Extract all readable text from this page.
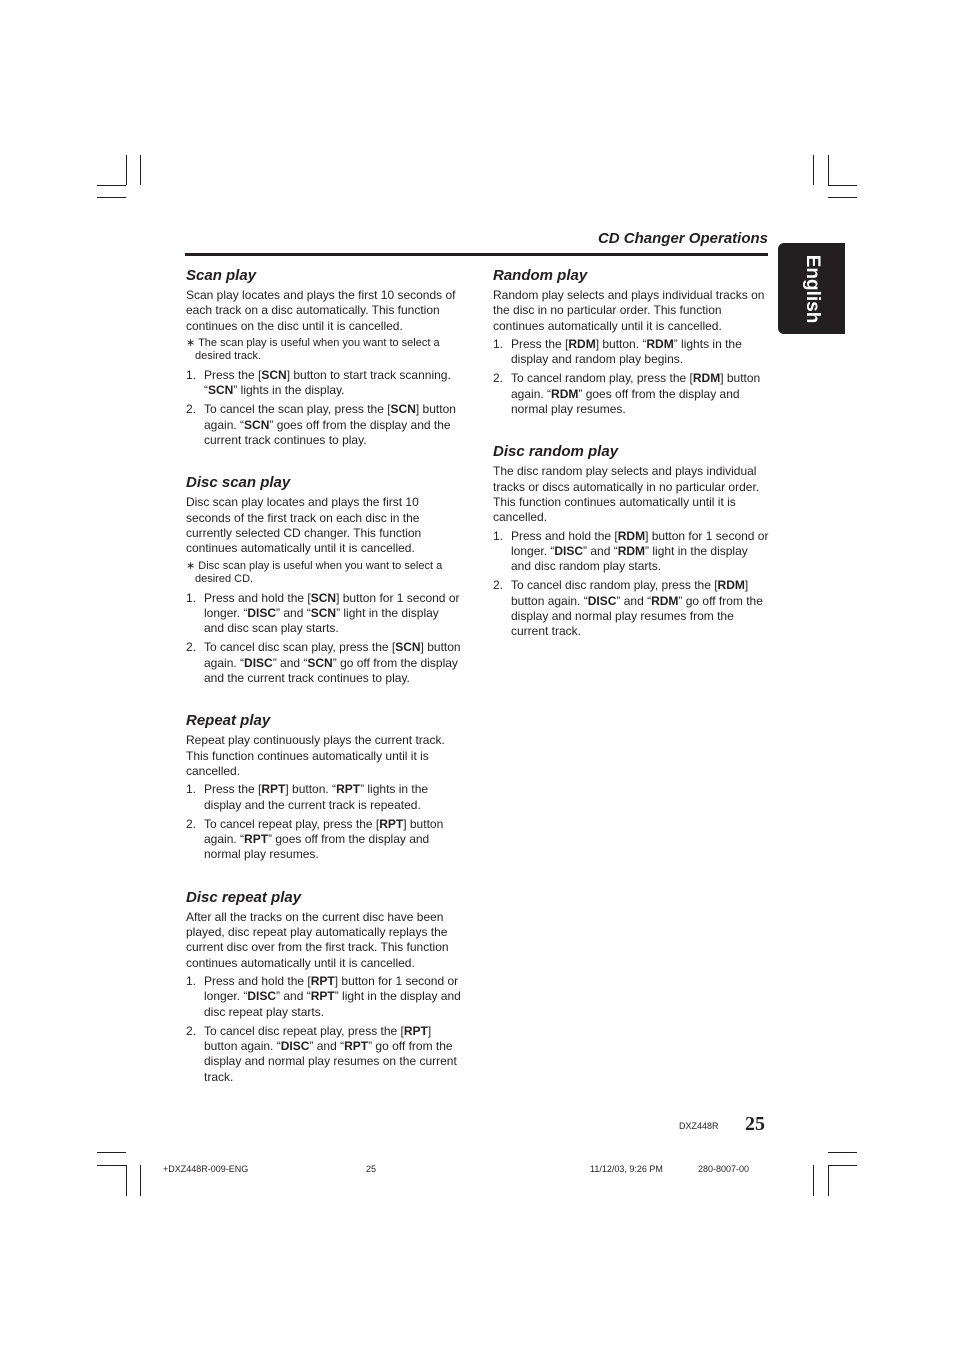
CD Changer Operations
English
Scan play

Scan play locates and plays the first 10 seconds of each track on a disc automatically. This function continues on the disc until it is cancelled.

∗ The scan play is useful when you want to select a desired track.
1. Press the [SCN] button to start track scanning. “SCN” lights in the display.
2. To cancel the scan play, press the [SCN] button again. “SCN” goes off from the display and the current track continues to play.
Disc scan play

Disc scan play locates and plays the first 10 seconds of the first track on each disc in the currently selected CD changer. This function continues automatically until it is cancelled.

∗ Disc scan play is useful when you want to select a desired CD.
1. Press and hold the [SCN] button for 1 second or longer. “DISC” and “SCN” light in the display and disc scan play starts.
2. To cancel disc scan play, press the [SCN] button again. “DISC” and “SCN” go off from the display and the current track continues to play.
Repeat play

Repeat play continuously plays the current track. This function continues automatically until it is cancelled.

1. Press the [RPT] button. “RPT” lights in the display and the current track is repeated.
2. To cancel repeat play, press the [RPT] button again. “RPT” goes off from the display and normal play resumes.
Disc repeat play

After all the tracks on the current disc have been played, disc repeat play automatically replays the current disc over from the first track. This function continues automatically until it is cancelled.

1. Press and hold the [RPT] button for 1 second or longer. “DISC” and “RPT” light in the display and disc repeat play starts.
2. To cancel disc repeat play, press the [RPT] button again. “DISC” and “RPT” go off from the display and normal play resumes on the current track.
Random play

Random play selects and plays individual tracks on the disc in no particular order. This function continues automatically until it is cancelled.

1. Press the [RDM] button. “RDM” lights in the display and random play begins.
2. To cancel random play, press the [RDM] button again. “RDM” goes off from the display and normal play resumes.
Disc random play

The disc random play selects and plays individual tracks or discs automatically in no particular order. This function continues automatically until it is cancelled.

1. Press and hold the [RDM] button for 1 second or longer. “DISC” and “RDM” light in the display and disc random play starts.
2. To cancel disc random play, press the [RDM] button again. “DISC” and “RDM” go off from the display and normal play resumes from the current track.
DXZ448R 25
+DXZ448R-009-ENG	25	11/12/03, 9:26 PM	280-8007-00
